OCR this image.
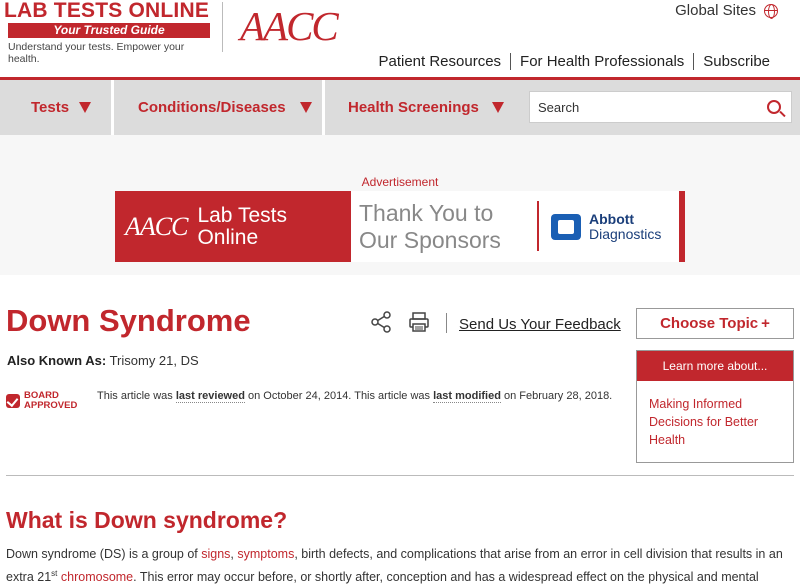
LAB TESTS ONLINE
Your Trusted Guide
Understand your tests. Empower your health.
AACC	Global Sites
Patient Resources	For Health Professionals	Subscribe
Tests	Conditions/Diseases	Health Screenings
Search
Advertisement
AACC Lab Tests
Online
Thank You to
Our Sponsors
Abbott
Diagnostics
Down Syndrome	Send Us Your Feedback
Also Known As: Trisomy 21, DS
BOARD
APPROVED
This article was last reviewed on October 24, 2014. This article was last modified on February 28, 2018.
What is Down syndrome?

Down syndrome (DS) is a group of signs, symptoms, birth defects, and complications that arise from an error in cell division that results in an extra 21st chromosome. This error may occur before, or shortly after, conception and has a widespread effect on the physical and mental

Choose Topic +
Learn more about...
Making Informed Decisions for Better Health
